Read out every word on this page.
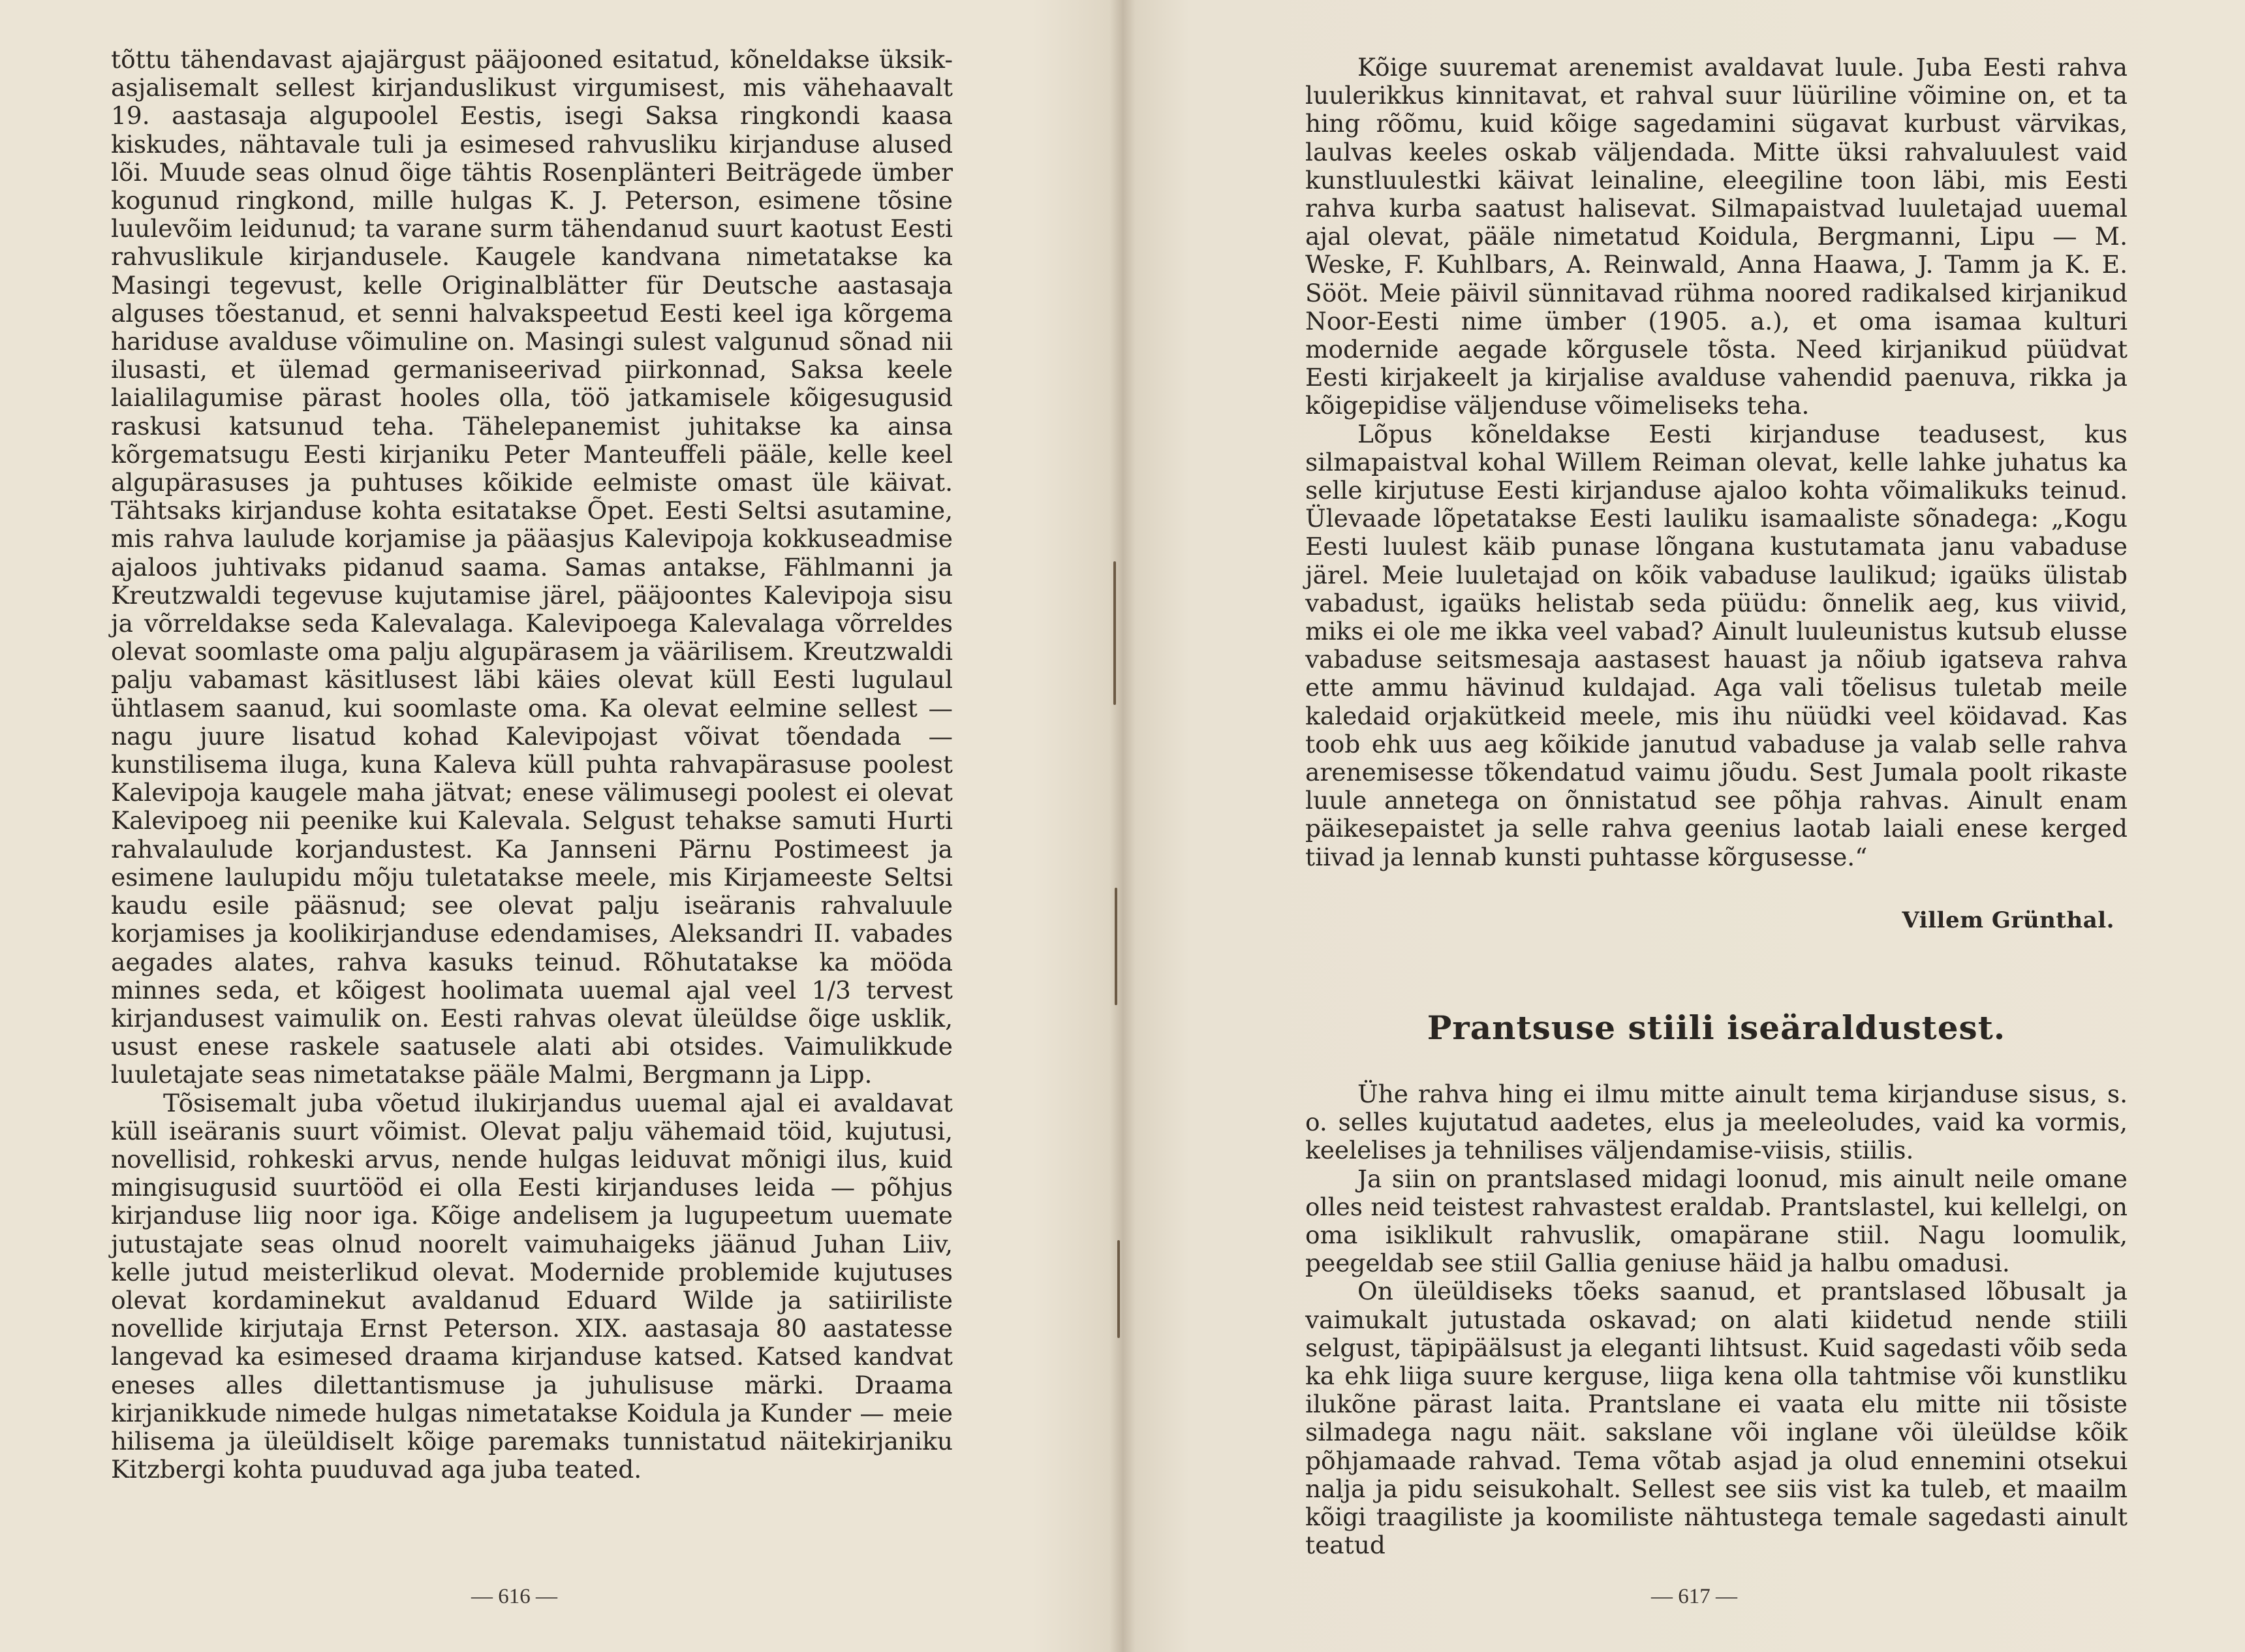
tõttu tähendavast ajajärgust pääjooned esitatud, kõneldakse üksik-asjalisemalt sellest kirjanduslikust virgumisest, mis vähehaavalt 19. aastasaja algupoolel Eestis, isegi Saksa ringkondi kaasa kiskudes, nähtavale tuli ja esimesed rahvusliku kirjanduse alused lõi. Muude seas olnud õige tähtis Rosenplänteri Beiträgede ümber kogunud ringkond, mille hulgas K. J. Peterson, esimene tõsine luulevõim leidunud; ta varane surm tähendanud suurt kaotust Eesti rahvuslikule kirjandusele. Kaugele kandvana nimetatakse ka Masingi tegevust, kelle Originalblätter für Deutsche aastasaja alguses tõestanud, et senni halvakspeetud Eesti keel iga kõrgema hariduse avalduse võimuline on. Masingi sulest valgunud sõnad nii ilusasti, et ülemad germaniseerivad piirkonnad, Saksa keele laialilagumise pärast hooles olla, töö jatkamisele kõigesugusid raskusi katsunud teha. Tähelepanemist juhitakse ka ainsa kõrgematsugu Eesti kirjaniku Peter Manteuffeli pääle, kelle keel algupärasuses ja puhtuses kõikide eelmiste omast üle käivat. Tähtsaks kirjanduse kohta esitatakse Õpet. Eesti Seltsi asutamine, mis rahva laulude korjamise ja pääasjus Kalevipoja kokkuseadmise ajaloos juhtivaks pidanud saama. Samas antakse, Fählmanni ja Kreutzwaldi tegevuse kujutamise järel, pääjoontes Kalevipoja sisu ja võrreldakse seda Kalevalaga. Kalevipoega Kalevalaga võrreldes olevat soomlaste oma palju algupärasem ja väärilisem. Kreutzwaldi palju vabamast käsitlusest läbi käies olevat küll Eesti lugulaul ühtlasem saanud, kui soomlaste oma. Ka olevat eelmine sellest — nagu juure lisatud kohad Kalevipojast võivat tõendada — kunstilisema iluga, kuna Kaleva küll puhta rahvapärasuse poolest Kalevipoja kaugele maha jätvat; enese välimusegi poolest ei olevat Kalevipoeg nii peenike kui Kalevala. Selgust tehakse samuti Hurti rahvalaulude korjandustest. Ka Jannseni Pärnu Postimeest ja esimene laulupidu mõju tuletatakse meele, mis Kirjameeste Seltsi kaudu esile pääsnud; see olevat palju iseäranis rahvaluule korjamises ja koolikirjanduse edendamises, Aleksandri II. vabades aegades alates, rahva kasuks teinud. Rõhutatakse ka mööda minnes seda, et kõigest hoolimata uuemal ajal veel 1/3 tervest kirjandusest vaimulik on. Eesti rahvas olevat üleüldse õige usklik, usust enese raskele saatusele alati abi otsides. Vaimulikkude luuletajate seas nimetatakse pääle Malmi, Bergmann ja Lipp.

Tõsisemalt juba võetud ilukirjandus uuemal ajal ei avaldavat küll iseäranis suurt võimist. Olevat palju vähemaid töid, kujutusi, novellisid, rohkeski arvus, nende hulgas leiduvat mõnigi ilus, kuid mingisugusid suurtööd ei olla Eesti kirjanduses leida — põhjus kirjanduse liig noor iga. Kõige andelisem ja lugupeetum uuemate jutustajate seas olnud noorelt vaimuhaigeks jäänud Juhan Liiv, kelle jutud meisterlikud olevat. Modernide problemide kujutuses olevat kordaminekut avaldanud Eduard Wilde ja satiiriliste novellide kirjutaja Ernst Peterson. XIX. aastasaja 80 aastatesse langevad ka esimesed draama kirjanduse katsed. Katsed kandvat eneses alles dilettantismuse ja juhulisuse märki. Draama kirjanikkude nimede hulgas nimetatakse Koidula ja Kunder — meie hilisema ja üleüldiselt kõige paremaks tunnistatud näitekirjaniku Kitzbergi kohta puuduvad aga juba teated.

— 616 —

Kõige suuremat arenemist avaldavat luule. Juba Eesti rahva luulerikkus kinnitavat, et rahval suur lüüriline võimine on, et ta hing rõõmu, kuid kõige sagedamini sügavat kurbust värvikas, laulvas keeles oskab väljendada. Mitte üksi rahvaluulest vaid kunstluulestki käivat leinaline, eleegiline toon läbi, mis Eesti rahva kurba saatust halisevat. Silmapaistvad luuletajad uuemal ajal olevat, pääle nimetatud Koidula, Bergmanni, Lipu — M. Weske, F. Kuhlbars, A. Reinwald, Anna Haawa, J. Tamm ja K. E. Sööt. Meie päivil sünnitavad rühma noored radikalsed kirjanikud Noor-Eesti nime ümber (1905. a.), et oma isamaa kulturi modernide aegade kõrgusele tõsta. Need kirjanikud püüdvat Eesti kirjakeelt ja kirjalise avalduse vahendid paenuva, rikka ja kõigepidise väljenduse võimeliseks teha.

Lõpus kõneldakse Eesti kirjanduse teadusest, kus silmapaistval kohal Willem Reiman olevat, kelle lahke juhatus ka selle kirjutuse Eesti kirjanduse ajaloo kohta võimalikuks teinud. Ülevaade lõpetatakse Eesti lauliku isamaaliste sõnadega: „Kogu Eesti luulest käib punase lõngana kustutamata janu vabaduse järel. Meie luuletajad on kõik vabaduse laulikud; igaüks ülistab vabadust, igaüks helistab seda püüdu: õnnelik aeg, kus viivid, miks ei ole me ikka veel vabad? Ainult luuleunistus kutsub elusse vabaduse seitsmesaja aastasest hauast ja nõiub igatseva rahva ette ammu hävinud kuldajad. Aga vali tõelisus tuletab meile kaledaid orjakütkeid meele, mis ihu nüüdki veel köidavad. Kas toob ehk uus aeg kõikide janutud vabaduse ja valab selle rahva arenemisesse tõkendatud vaimu jõudu. Sest Jumala poolt rikaste luule annetega on õnnistatud see põhja rahvas. Ainult enam päikesepaistet ja selle rahva geenius laotab laiali enese kerged tiivad ja lennab kunsti puhtasse kõrgusesse.“

Villem Grünthal.
Prantsuse stiili iseäraldustest.

Ühe rahva hing ei ilmu mitte ainult tema kirjanduse sisus, s. o. selles kujutatud aadetes, elus ja meeleoludes, vaid ka vormis, keelelises ja tehnilises väljendamise-viisis, stiilis.

Ja siin on prantslased midagi loonud, mis ainult neile omane olles neid teistest rahvastest eraldab. Prantslastel, kui kellelgi, on oma isiklikult rahvuslik, omapärane stiil. Nagu loomulik, peegeldab see stiil Gallia geniuse häid ja halbu omadusi.

On üleüldiseks tõeks saanud, et prantslased lõbusalt ja vaimukalt jutustada oskavad; on alati kiidetud nende stiili selgust, täpipäälsust ja eleganti lihtsust. Kuid sagedasti võib seda ka ehk liiga suure kerguse, liiga kena olla tahtmise või kunstliku ilukõne pärast laita. Prantslane ei vaata elu mitte nii tõsiste silmadega nagu näit. sakslane või inglane või üleüldse kõik põhjamaade rahvad. Tema võtab asjad ja olud ennemini otsekui nalja ja pidu seisukohalt. Sellest see siis vist ka tuleb, et maailm kõigi traagiliste ja koomiliste nähtustega temale sagedasti ainult teatud

— 617 —
